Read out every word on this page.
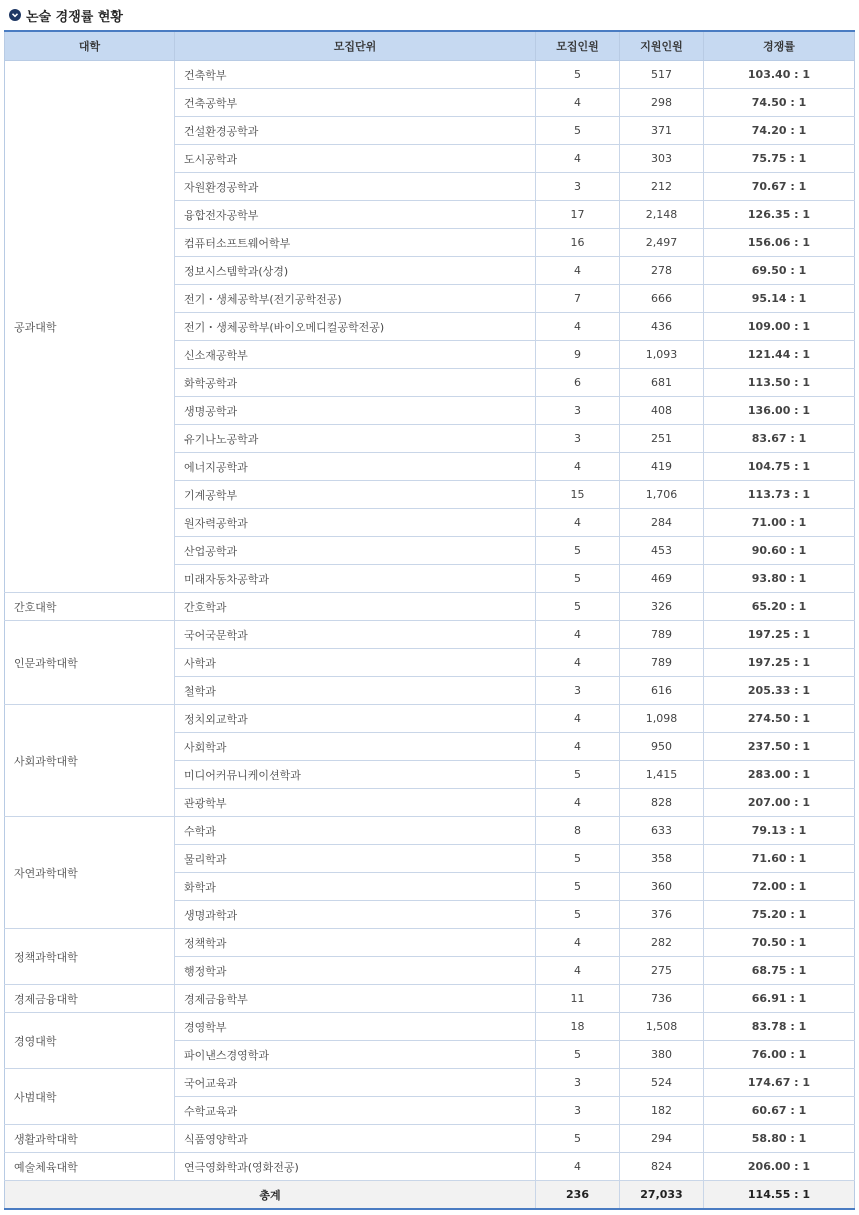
논술 경쟁률 현황
대학	모집단위	모집인원	지원인원	경쟁률
공과대학	건축학부	5	517	103.40 : 1
	건축공학부	4	298	74.50 : 1
	건설환경공학과	5	371	74.20 : 1
	도시공학과	4	303	75.75 : 1
	자원환경공학과	3	212	70.67 : 1
	융합전자공학부	17	2,148	126.35 : 1
	컴퓨터소프트웨어학부	16	2,497	156.06 : 1
	정보시스템학과(상경)	4	278	69.50 : 1
	전기・생체공학부(전기공학전공)	7	666	95.14 : 1
	전기・생체공학부(바이오메디컬공학전공)	4	436	109.00 : 1
	신소재공학부	9	1,093	121.44 : 1
	화학공학과	6	681	113.50 : 1
	생명공학과	3	408	136.00 : 1
	유기나노공학과	3	251	83.67 : 1
	에너지공학과	4	419	104.75 : 1
	기계공학부	15	1,706	113.73 : 1
	원자력공학과	4	284	71.00 : 1
	산업공학과	5	453	90.60 : 1
	미래자동차공학과	5	469	93.80 : 1
간호대학	간호학과	5	326	65.20 : 1
인문과학대학	국어국문학과	4	789	197.25 : 1
	사학과	4	789	197.25 : 1
	철학과	3	616	205.33 : 1
사회과학대학	정치외교학과	4	1,098	274.50 : 1
	사회학과	4	950	237.50 : 1
	미디어커뮤니케이션학과	5	1,415	283.00 : 1
	관광학부	4	828	207.00 : 1
자연과학대학	수학과	8	633	79.13 : 1
	물리학과	5	358	71.60 : 1
	화학과	5	360	72.00 : 1
	생명과학과	5	376	75.20 : 1
정책과학대학	정책학과	4	282	70.50 : 1
	행정학과	4	275	68.75 : 1
경제금융대학	경제금융학부	11	736	66.91 : 1
경영대학	경영학부	18	1,508	83.78 : 1
	파이낸스경영학과	5	380	76.00 : 1
사범대학	국어교육과	3	524	174.67 : 1
	수학교육과	3	182	60.67 : 1
생활과학대학	식품영양학과	5	294	58.80 : 1
예술체육대학	연극영화학과(영화전공)	4	824	206.00 : 1
총계		236	27,033	114.55 : 1
